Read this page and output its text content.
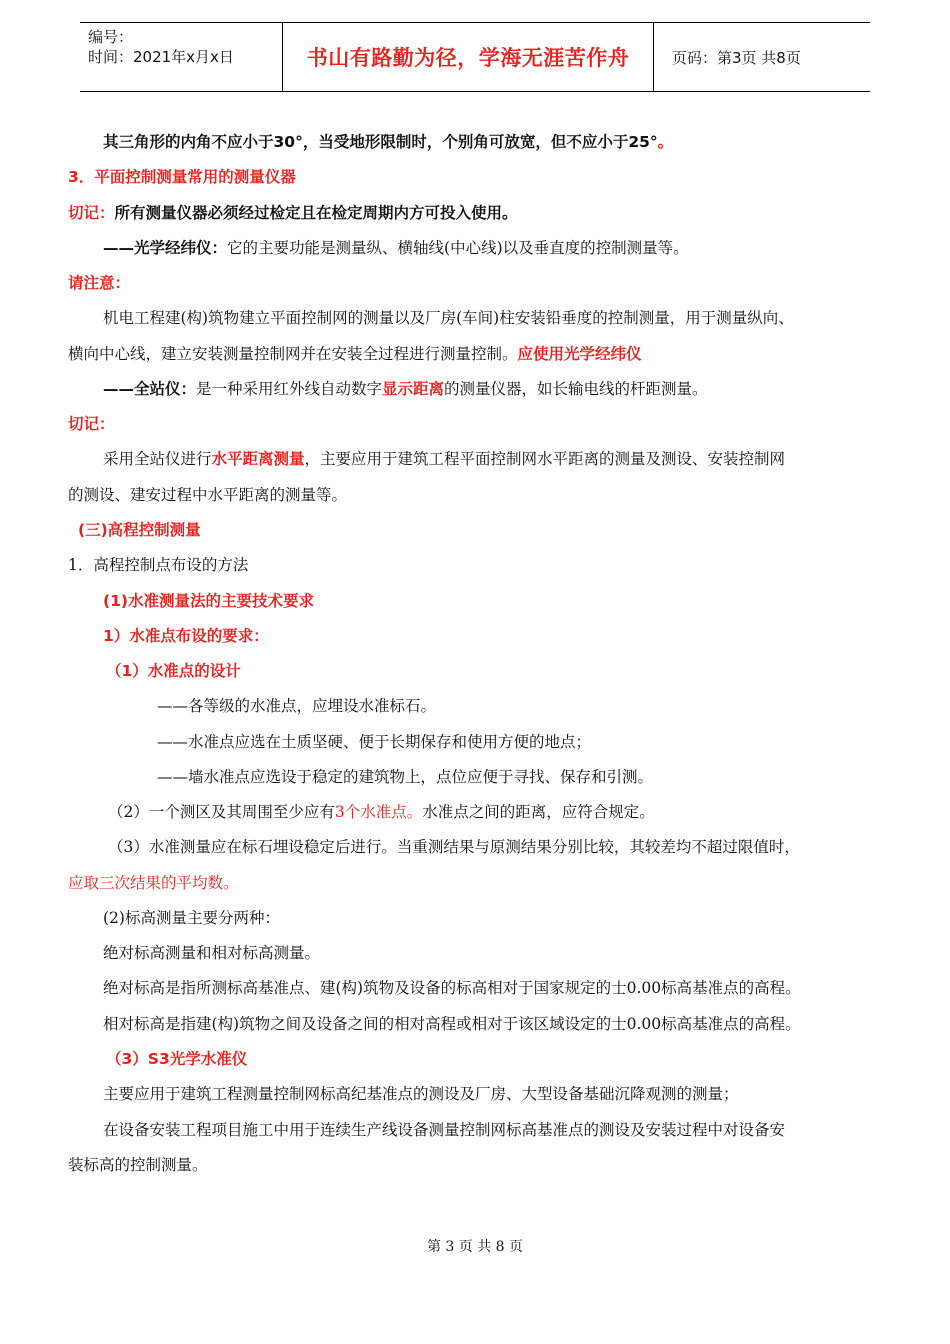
编号：
时间：2021年x月x日	书山有路勤为径，学海无涯苦作舟	页码：第3页 共8页
其三角形的内角不应小于30°，当受地形限制时，个别角可放宽，但不应小于25°。
3．平面控制测量常用的测量仪器
切记：所有测量仪器必须经过检定且在检定周期内方可投入使用。
——光学经纬仪：它的主要功能是测量纵、横轴线(中心线)以及垂直度的控制测量等。
请注意：
机电工程建(构)筑物建立平面控制网的测量以及厂房(车间)柱安装铅垂度的控制测量，用于测量纵向、
横向中心线，建立安装测量控制网并在安装全过程进行测量控制。应使用光学经纬仪
——全站仪：是一种采用红外线自动数字显示距离的测量仪器，如长输电线的杆距测量。
切记：
采用全站仪进行水平距离测量，主要应用于建筑工程平面控制网水平距离的测量及测设、安装控制网
的测设、建安过程中水平距离的测量等。
(三)高程控制测量
1．高程控制点布设的方法
(1)水准测量法的主要技术要求
1）水准点布设的要求：
（1）水准点的设计
——各等级的水准点，应埋设水准标石。
——水准点应选在土质坚硬、便于长期保存和使用方便的地点；
——墙水准点应选设于稳定的建筑物上，点位应便于寻找、保存和引测。
（2）一个测区及其周围至少应有3个水准点。水准点之间的距离，应符合规定。
（3）水准测量应在标石埋设稳定后进行。当重测结果与原测结果分别比较，其较差均不超过限值时，
应取三次结果的平均数。
(2)标高测量主要分两种：
绝对标高测量和相对标高测量。
绝对标高是指所测标高基准点、建(构)筑物及设备的标高相对于国家规定的士0.00标高基准点的高程。
相对标高是指建(构)筑物之间及设备之间的相对高程或相对于该区域设定的士0.00标高基准点的高程。
（3）S3光学水准仪
主要应用于建筑工程测量控制网标高纪基准点的测设及厂房、大型设备基础沉降观测的测量；
在设备安装工程项目施工中用于连续生产线设备测量控制网标高基准点的测设及安装过程中对设备安
装标高的控制测量。
第 3 页 共 8 页
